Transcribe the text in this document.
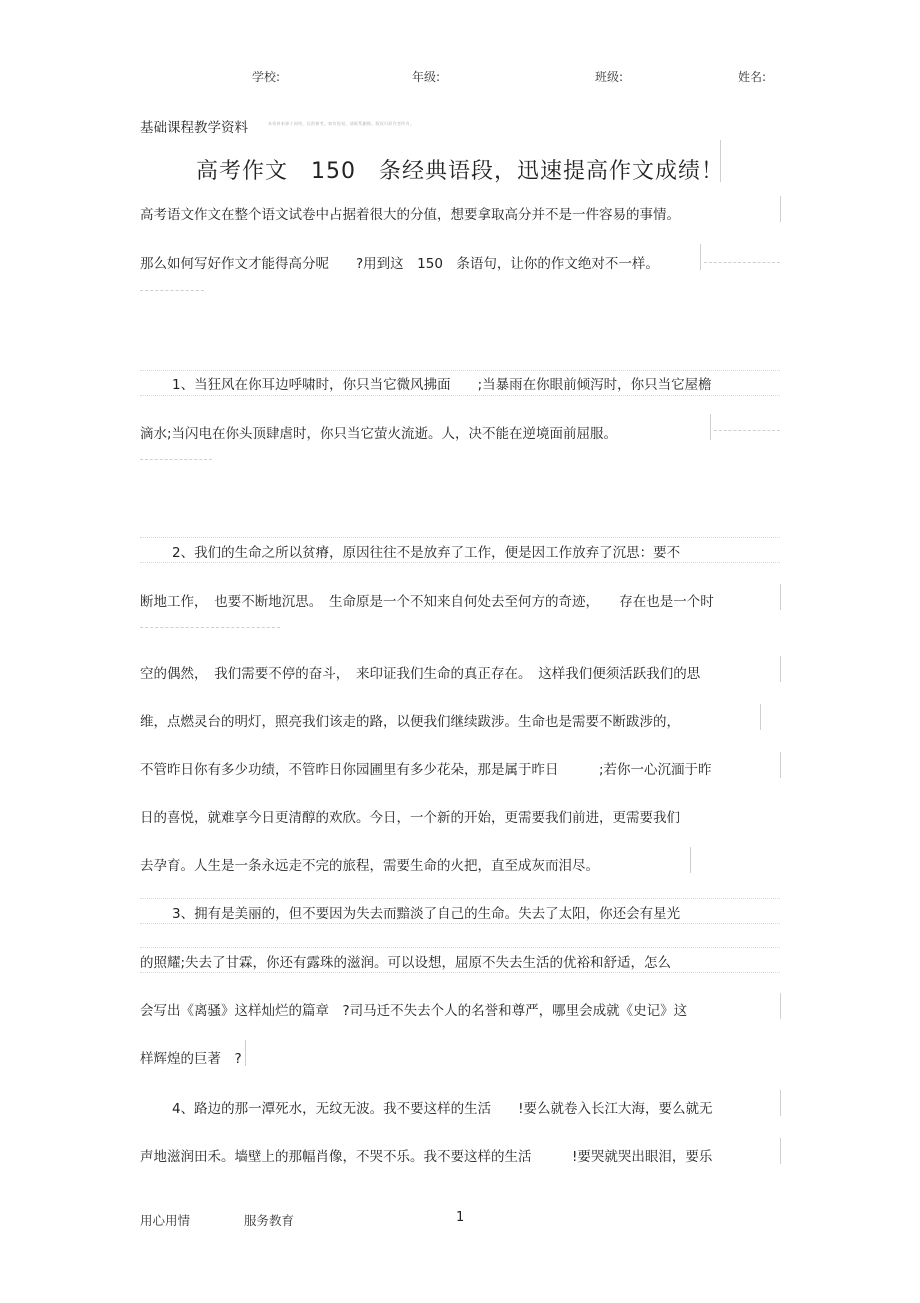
学校:	年级:	班级:	姓名:
基础课程教学资料	本资料来源于网络，仅供参考。如有侵权，请联系删除。版权归原作者所有。
高考作文　150　条经典语段，迅速提高作文成绩！
高考语文作文在整个语文试卷中占据着很大的分值，想要拿取高分并不是一件容易的事情。
那么如何写好作文才能得高分呢　　?用到这　150　条语句，让你的作文绝对不一样。
1、当狂风在你耳边呼啸时，你只当它微风拂面　　;当暴雨在你眼前倾泻时，你只当它屋檐
滴水;当闪电在你头顶肆虐时，你只当它萤火流逝。人，决不能在逆境面前屈服。
2、我们的生命之所以贫瘠，原因往往不是放弃了工作，便是因工作放弃了沉思：要不
断地工作，　也要不断地沉思。　生命原是一个不知来自何处去至何方的奇迹，　　存在也是一个时
空的偶然，　我们需要不停的奋斗，　来印证我们生命的真正存在。　这样我们便须活跃我们的思
维，点燃灵台的明灯，照亮我们该走的路，以便我们继续跋涉。生命也是需要不断跋涉的，
不管昨日你有多少功绩，不管昨日你园圃里有多少花朵，那是属于昨日　　　;若你一心沉湎于昨
日的喜悦，就难享今日更清醇的欢欣。今日，一个新的开始，更需要我们前进，更需要我们
去孕育。人生是一条永远走不完的旅程，需要生命的火把，直至成灰而泪尽。
3、拥有是美丽的，但不要因为失去而黯淡了自己的生命。失去了太阳，你还会有星光
的照耀;失去了甘霖，你还有露珠的滋润。可以设想，屈原不失去生活的优裕和舒适，怎么
会写出《离骚》这样灿烂的篇章　?司马迁不失去个人的名誉和尊严，哪里会成就《史记》这
样辉煌的巨著　?
4、路边的那一潭死水，无纹无波。我不要这样的生活　　!要么就卷入长江大海，要么就无
声地滋润田禾。墙壁上的那幅肖像，不哭不乐。我不要这样的生活　　　!要哭就哭出眼泪，要乐
用心用情	服务教育	1
